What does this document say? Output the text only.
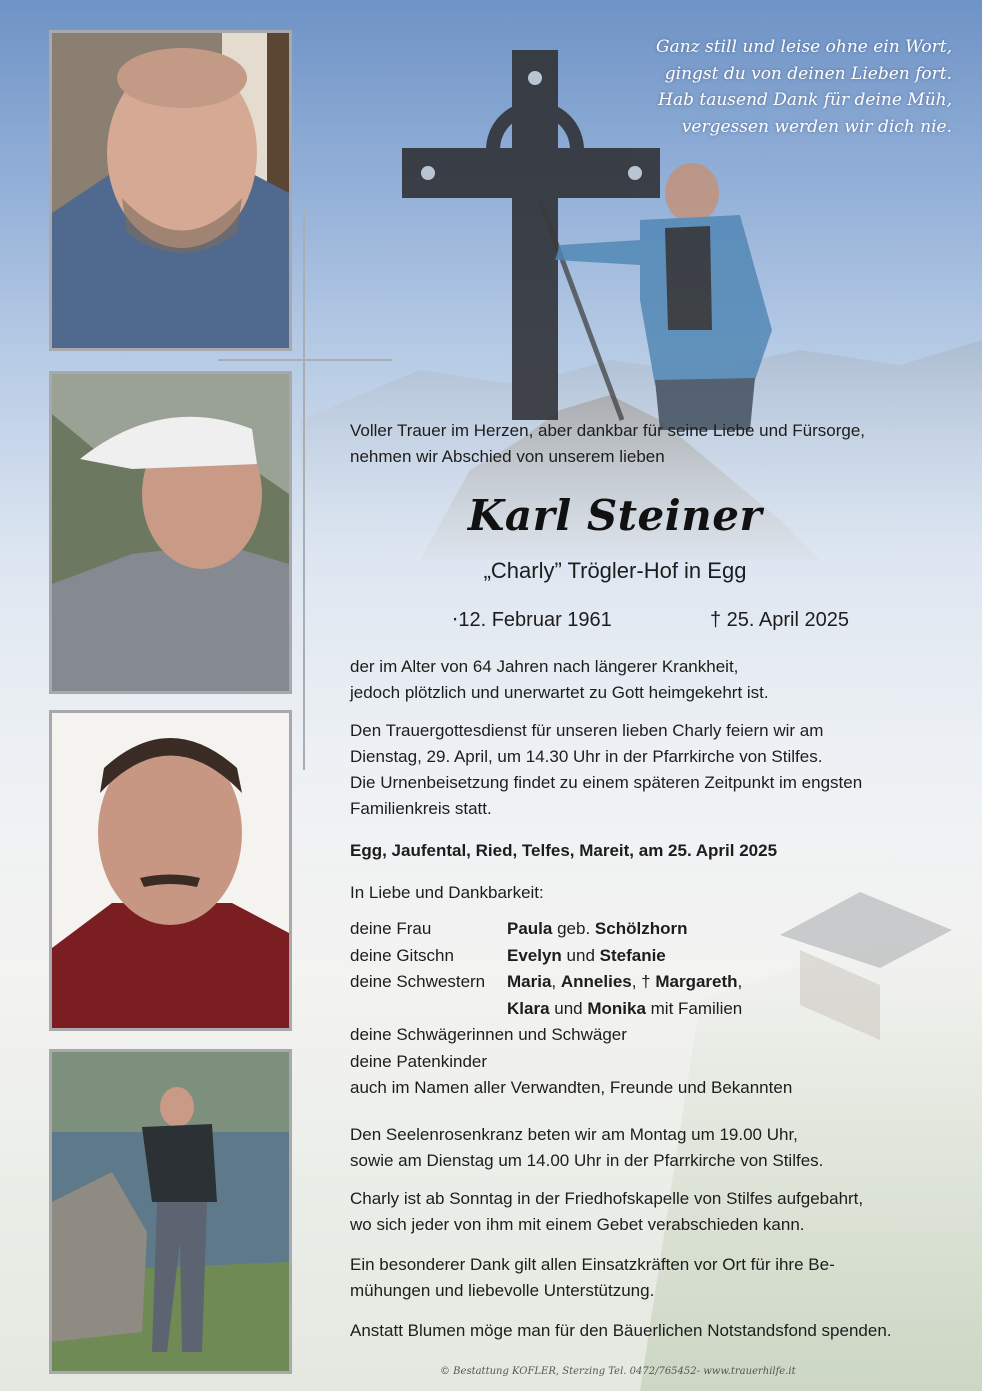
Ganz still und leise ohne ein Wort,
gingst du von deinen Lieben fort.
Hab tausend Dank für deine Müh,
vergessen werden wir dich nie.

Voller Trauer im Herzen, aber dankbar für seine Liebe und Fürsorge,

nehmen wir Abschied von unserem lieben

Karl Steiner
„Charly” Trögler-Hof in Egg
⋅12. Februar 1961	† 25. April 2025

der im Alter von 64 Jahren nach längerer Krankheit,

jedoch plötzlich und unerwartet zu Gott heimgekehrt ist.

Den Trauergottesdienst für unseren lieben Charly feiern wir am

Dienstag, 29. April, um 14.30 Uhr in der Pfarrkirche von Stilfes.

Die Urnenbeisetzung findet zu einem späteren Zeitpunkt im engsten

Familienkreis statt.

Egg, Jaufental, Ried, Telfes, Mareit, am 25. April 2025
In Liebe und Dankbarkeit:
deine Frau	Paula geb. Schölzhorn
deine Gitschn	Evelyn und Stefanie
deine Schwestern Maria, Annelies, † Margareth,
Klara und Monika mit Familien
deine Schwägerinnen und Schwäger
deine Patenkinder
auch im Namen aller Verwandten, Freunde und Bekannten

Den Seelenrosenkranz beten wir am Montag um 19.00 Uhr,

sowie am Dienstag um 14.00 Uhr in der Pfarrkirche von Stilfes.

Charly ist ab Sonntag in der Friedhofskapelle von Stilfes aufgebahrt,

wo sich jeder von ihm mit einem Gebet verabschieden kann.

Ein besonderer Dank gilt allen Einsatzkräften vor Ort für ihre Be-

mühungen und liebevolle Unterstützung.

Anstatt Blumen möge man für den Bäuerlichen Notstandsfond spenden.
© Bestattung KOFLER, Sterzing Tel. 0472/765452- www.trauerhilfe.it
